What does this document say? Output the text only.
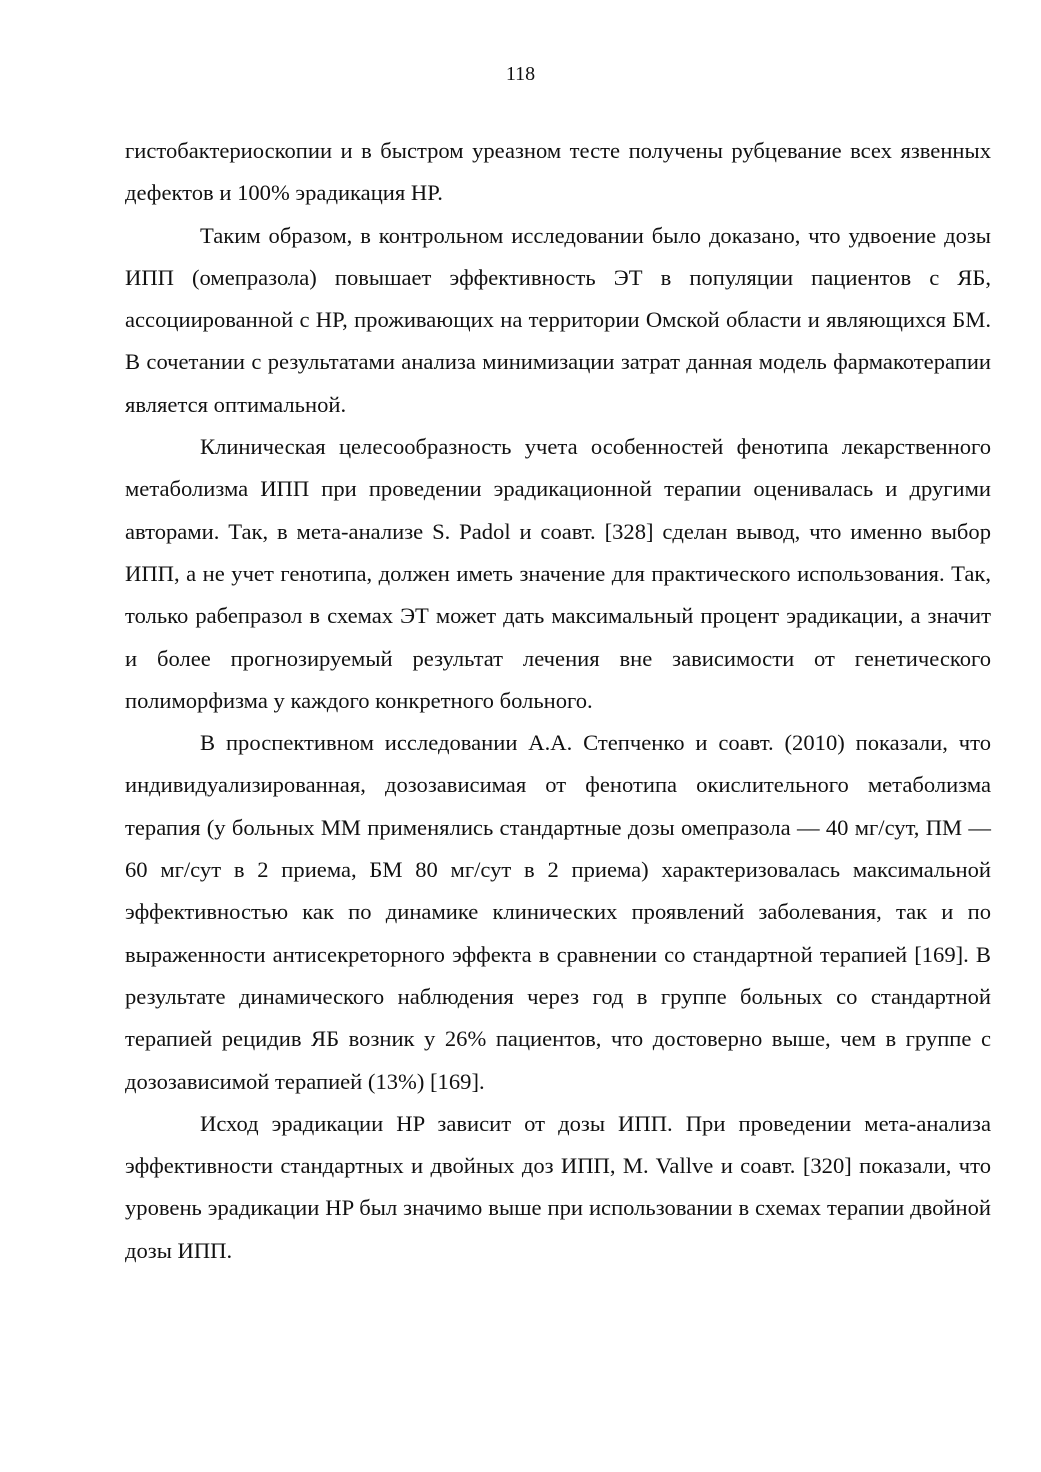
118

гистобактериоскопии и в быстром уреазном тесте получены рубцевание всех язвенных дефектов и 100% эрадикация HP.

Таким образом, в контрольном исследовании было доказано, что удвоение дозы ИПП (омепразола) повышает эффективность ЭТ в популяции пациентов с ЯБ, ассоциированной с HP, проживающих на территории Омской области и являющихся БМ. В сочетании с результатами анализа минимизации затрат данная модель фармакотерапии является оптимальной.

Клиническая целесообразность учета особенностей фенотипа лекарственного метаболизма ИПП при проведении эрадикационной терапии оценивалась и другими авторами. Так, в мета-анализе S. Padol и соавт. [328] сделан вывод, что именно выбор ИПП, а не учет генотипа, должен иметь значение для практического использования. Так, только рабепразол в схемах ЭТ может дать максимальный процент эрадикации, а значит и более прогнозируемый результат лечения вне зависимости от генетического полиморфизма у каждого конкретного больного.

В проспективном исследовании А.А. Степченко и соавт. (2010) показали, что индивидуализированная, дозозависимая от фенотипа окислительного метаболизма терапия (у больных ММ применялись стандартные дозы омепразола — 40 мг/сут, ПМ — 60 мг/сут в 2 приема, БМ 80 мг/сут в 2 приема) характеризовалась максимальной эффективностью как по динамике клинических проявлений заболевания, так и по выраженности антисекреторного эффекта в сравнении со стандартной терапией [169]. В результате динамического наблюдения через год в группе больных со стандартной терапией рецидив ЯБ возник у 26% пациентов, что достоверно выше, чем в группе с дозозависимой терапией (13%) [169].

Исход эрадикации HP зависит от дозы ИПП. При проведении мета-анализа эффективности стандартных и двойных доз ИПП, M. Vallve и соавт. [320] показали, что уровень эрадикации HP был значимо выше при использовании в схемах терапии двойной дозы ИПП.
